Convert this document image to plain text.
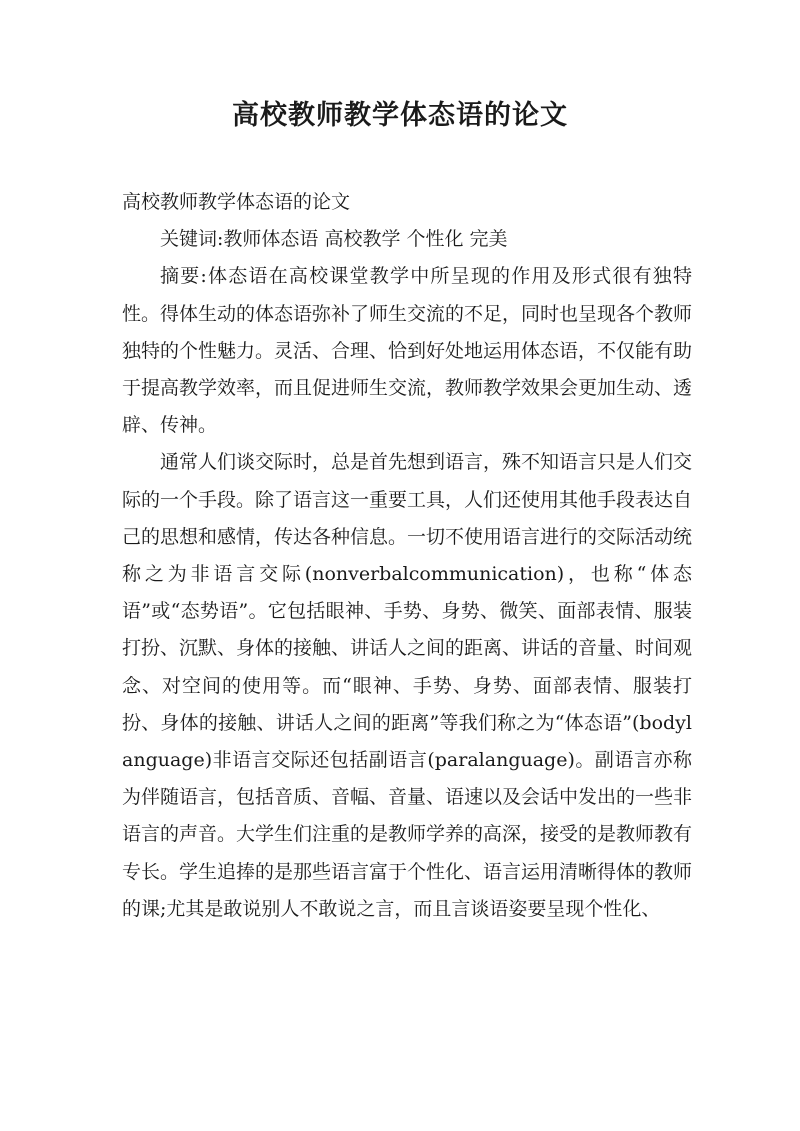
高校教师教学体态语的论文

高校教师教学体态语的论文

关键词:教师体态语 高校教学 个性化 完美

摘要:体态语在高校课堂教学中所呈现的作用及形式很有独特性。得体生动的体态语弥补了师生交流的不足，同时也呈现各个教师独特的个性魅力。灵活、合理、恰到好处地运用体态语，不仅能有助于提高教学效率，而且促进师生交流，教师教学效果会更加生动、透辟、传神。

通常人们谈交际时，总是首先想到语言，殊不知语言只是人们交际的一个手段。除了语言这一重要工具，人们还使用其他手段表达自己的思想和感情，传达各种信息。一切不使用语言进行的交际活动统称之为非语言交际(nonverbalcommunication)，也称“体态语”或“态势语”。它包括眼神、手势、身势、微笑、面部表情、服装打扮、沉默、身体的接触、讲话人之间的距离、讲话的音量、时间观念、对空间的使用等。而“眼神、手势、身势、面部表情、服装打扮、身体的接触、讲话人之间的距离”等我们称之为“体态语”(bodylanguage)非语言交际还包括副语言(paralanguage)。副语言亦称为伴随语言，包括音质、音幅、音量、语速以及会话中发出的一些非语言的声音。大学生们注重的是教师学养的高深，接受的是教师教有专长。学生追捧的是那些语言富于个性化、语言运用清晰得体的教师的课;尤其是敢说别人不敢说之言，而且言谈语姿要呈现个性化、
